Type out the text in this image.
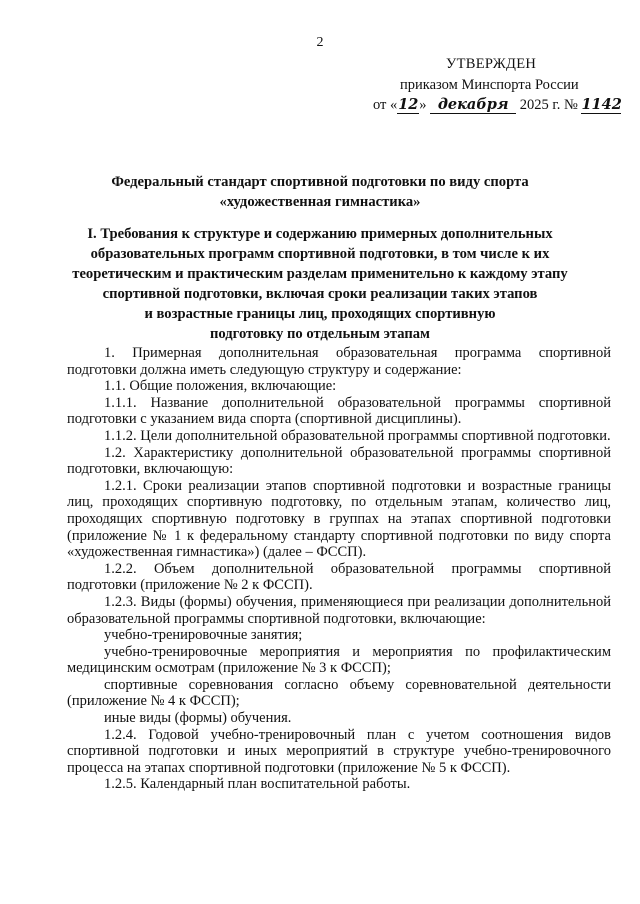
2
УТВЕРЖДЕН
приказом Минспорта России
от «12» декабря 2025 г. № 1142
Федеральный стандарт спортивной подготовки по виду спорта
«художественная гимнастика»
I. Требования к структуре и содержанию примерных дополнительных
образовательных программ спортивной подготовки, в том числе к их
теоретическим и практическим разделам применительно к каждому этапу
спортивной подготовки, включая сроки реализации таких этапов
и возрастные границы лиц, проходящих спортивную
подготовку по отдельным этапам

1. Примерная дополнительная образовательная программа спортивной подготовки должна иметь следующую структуру и содержание:

1.1. Общие положения, включающие:

1.1.1. Название дополнительной образовательной программы спортивной подготовки с указанием вида спорта (спортивной дисциплины).

1.1.2. Цели дополнительной образовательной программы спортивной подготовки.

1.2. Характеристику дополнительной образовательной программы спортивной подготовки, включающую:

1.2.1. Сроки реализации этапов спортивной подготовки и возрастные границы лиц, проходящих спортивную подготовку, по отдельным этапам, количество лиц, проходящих спортивную подготовку в группах на этапах спортивной подготовки (приложение № 1 к федеральному стандарту спортивной подготовки по виду спорта «художественная гимнастика») (далее – ФССП).

1.2.2. Объем дополнительной образовательной программы спортивной подготовки (приложение № 2 к ФССП).

1.2.3. Виды (формы) обучения, применяющиеся при реализации дополнительной образовательной программы спортивной подготовки, включающие:

учебно-тренировочные занятия;

учебно-тренировочные мероприятия и мероприятия по профилактическим медицинским осмотрам (приложение № 3 к ФССП);

спортивные соревнования согласно объему соревновательной деятельности (приложение № 4 к ФССП);

иные виды (формы) обучения.

1.2.4. Годовой учебно-тренировочный план с учетом соотношения видов спортивной подготовки и иных мероприятий в структуре учебно-тренировочного процесса на этапах спортивной подготовки (приложение № 5 к ФССП).

1.2.5. Календарный план воспитательной работы.
